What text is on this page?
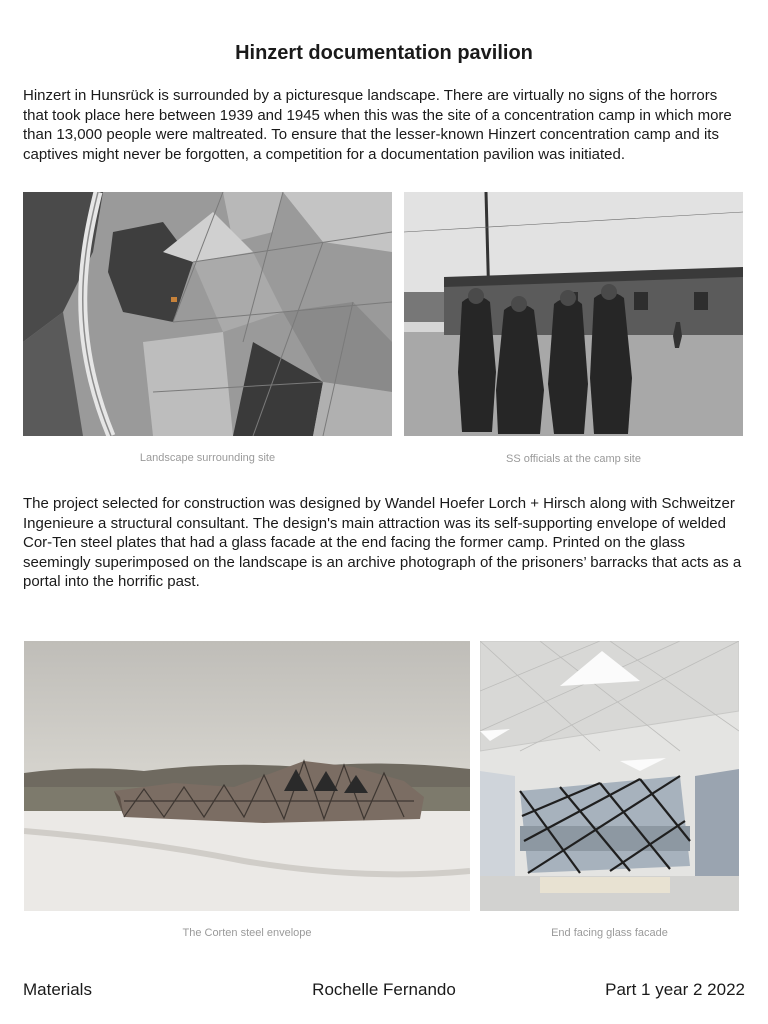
Hinzert documentation pavilion

Hinzert in Hunsrück is surrounded by a picturesque landscape. There are virtually no signs of the horrors that took place here between 1939 and 1945 when this was the site of a concentration camp in which more than 13,000 people were maltreated. To ensure that the lesser-known Hinzert concentration camp and its captives might never be forgotten, a competition for a documentation pavilion was initiated.

Landscape surrounding site	SS officials at the camp site

The project selected for construction was designed by Wandel Hoefer Lorch + Hirsch along with Schweitzer Ingenieure a structural consultant. The design's main attraction was its self-supporting envelope of welded Cor-Ten steel plates that had a glass facade at the end facing the former camp. Printed on the glass seemingly superimposed on the landscape is an archive photograph of the prisoners’ barracks that acts as a portal into the horrific past.

The Corten steel envelope	End facing glass facade

Materials	Rochelle Fernando	Part 1 year 2 2022
